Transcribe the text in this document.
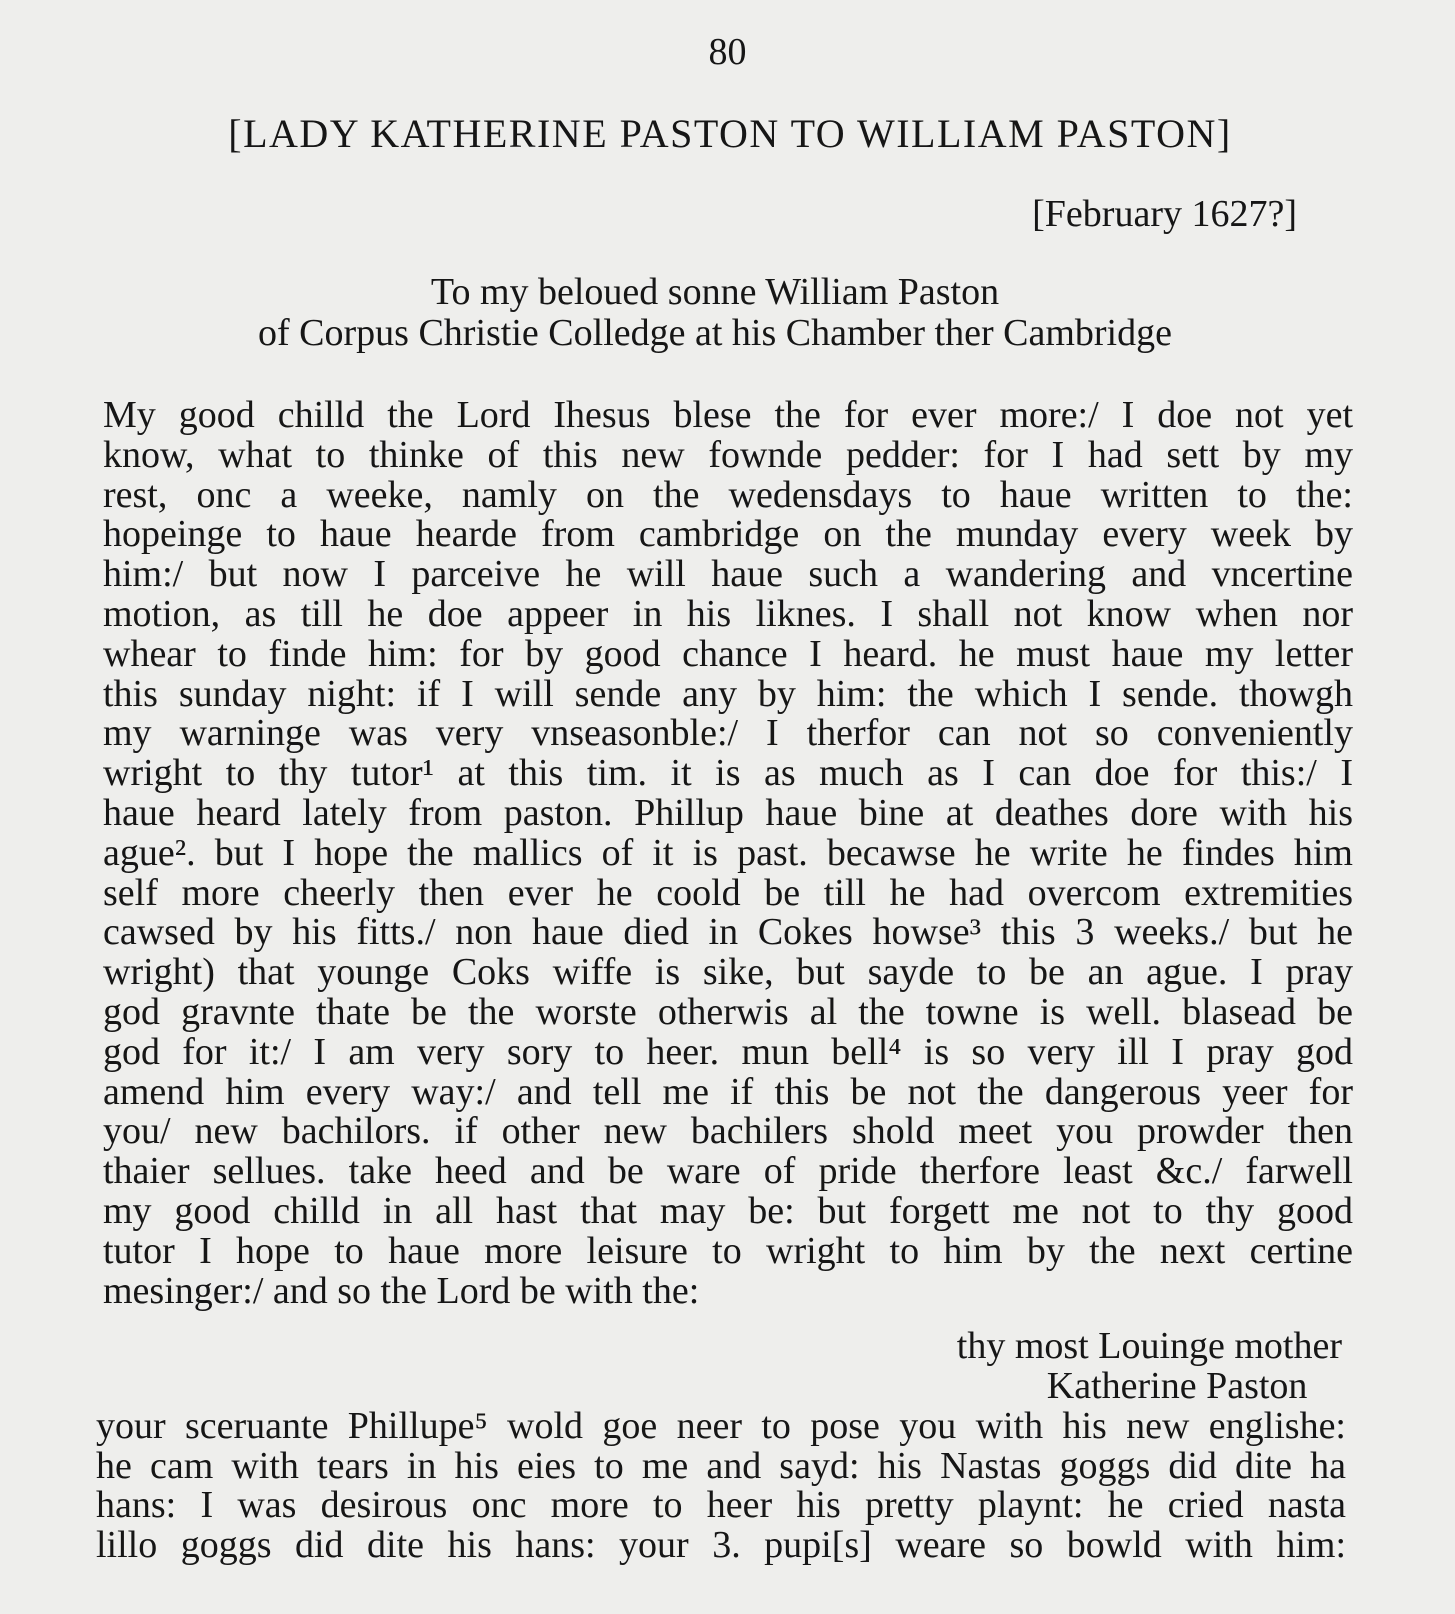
80
[LADY KATHERINE PASTON TO WILLIAM PASTON]
[February 1627?]
To my beloued sonne William Paston
of Corpus Christie Colledge at his Chamber ther Cambridge
My good chilld the Lord Ihesus blese the for ever more:/ I doe not yet
know, what to thinke of this new fownde pedder: for I had sett by my
rest, onc a weeke, namly on the wedensdays to haue written to the:
hopeinge to haue hearde from cambridge on the munday every week by
him:/ but now I parceive he will haue such a wandering and vncertine
motion, as till he doe appeer in his liknes. I shall not know when nor
whear to finde him: for by good chance I heard. he must haue my letter
this sunday night: if I will sende any by him: the which I sende. thowgh
my warninge was very vnseasonble:/ I therfor can not so conveniently
wright to thy tutor¹ at this tim. it is as much as I can doe for this:/ I
haue heard lately from paston. Phillup haue bine at deathes dore with his
ague². but I hope the mallics of it is past. becawse he write he findes him
self more cheerly then ever he coold be till he had overcom extremities
cawsed by his fitts./ non haue died in Cokes howse³ this 3 weeks./ but he
wright) that younge Coks wiffe is sike, but sayde to be an ague. I pray
god gravnte thate be the worste otherwis al the towne is well. blasead be
god for it:/ I am very sory to heer. mun bell⁴ is so very ill I pray god
amend him every way:/ and tell me if this be not the dangerous yeer for
you/ new bachilors. if other new bachilers shold meet you prowder then
thaier sellues. take heed and be ware of pride therfore least &c./ farwell
my good chilld in all hast that may be: but forgett me not to thy good
tutor I hope to haue more leisure to wright to him by the next certine
mesinger:/ and so the Lord be with the:
thy most Louinge mother
Katherine Paston
your sceruante Phillupe⁵ wold goe neer to pose you with his new englishe:
he cam with tears in his eies to me and sayd: his Nastas goggs did dite ha
hans: I was desirous onc more to heer his pretty playnt: he cried nasta
lillo goggs did dite his hans: your 3. pupi[s] weare so bowld with him:
